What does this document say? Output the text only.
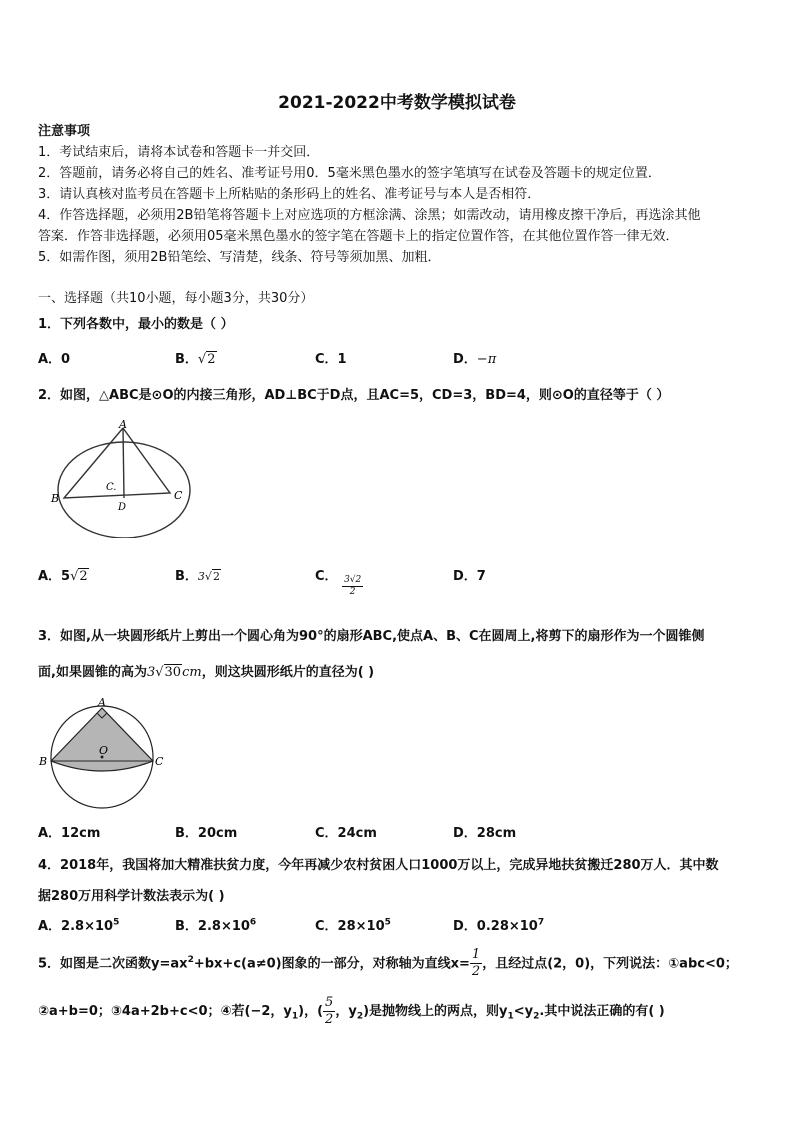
2021-2022中考数学模拟试卷
注意事项
1．考试结束后，请将本试卷和答题卡一并交回．
2．答题前，请务必将自己的姓名、准考证号用0．5毫米黑色墨水的签字笔填写在试卷及答题卡的规定位置．
3．请认真核对监考员在答题卡上所粘贴的条形码上的姓名、准考证号与本人是否相符．
4．作答选择题，必须用2B铅笔将答题卡上对应选项的方框涂满、涂黑；如需改动，请用橡皮擦干净后，再选涂其他
答案．作答非选择题，必须用05毫米黑色墨水的签字笔在答题卡上的指定位置作答，在其他位置作答一律无效．
5．如需作图，须用2B铅笔绘、写清楚，线条、符号等须加黑、加粗．
一、选择题（共10小题，每小题3分，共30分）
1．下列各数中，最小的数是（ ）
A．0	B．√2	C．1	D．−π
2．如图，△ABC是⊙O的内接三角形，AD⊥BC于D点，且AC=5，CD=3，BD=4，则⊙O的直径等于（ ）
A
B	C
D
C.
A．5√2	B．3√2	C． $\frac{3√2}{2}$	D．7
3．如图,从一块圆形纸片上剪出一个圆心角为90°的扇形ABC,使点A、B、C在圆周上,将剪下的扇形作为一个圆锥侧
面,如果圆锥的高为3√30cm，则这块圆形纸片的直径为( )
A
B	C
O
A．12cm	B．20cm	C．24cm	D．28cm
4．2018年，我国将加大精准扶贫力度，今年再减少农村贫困人口1000万以上，完成异地扶贫搬迁280万人．其中数
据280万用科学计数法表示为( )
A．$2.8\times 10^5$	B．$2.8\times 10^6$	C．$28\times 10^5$	D．$0.28\times 10^7$
5．如图是二次函数$y=ax^2+bx+c(a\ne 0)$图象的一部分，对称轴为直线$x= \frac{1}{2}$ ，且经过点(2，0)，下列说法：①abc<0；
②a+b=0；③4a+2b+c<0；④若(−2，$y_1$)，( $\frac{5}{2}$ ，$y_2$)是抛物线上的两点，则$y_1<y_2$.其中说法正确的有( )
